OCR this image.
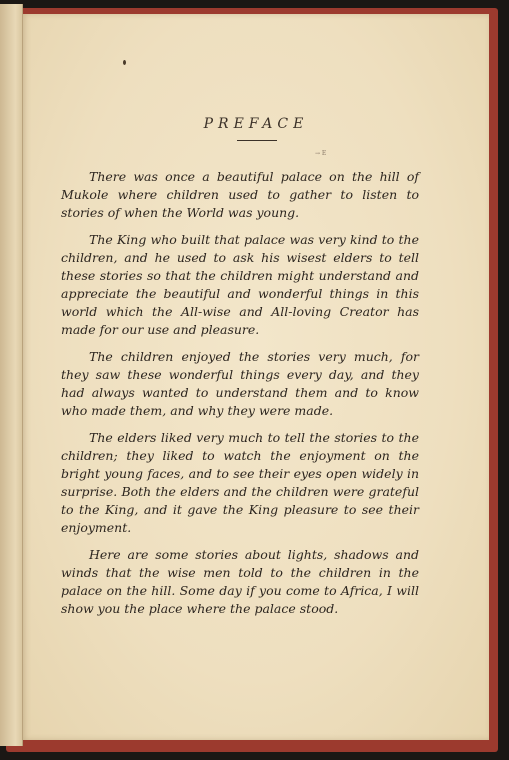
PREFACE
→ E

There was once a beautiful palace on the hill of Mukole where children used to gather to listen to stories of when the World was young.

The King who built that palace was very kind to the children, and he used to ask his wisest elders to tell these stories so that the children might understand and appreciate the beautiful and wonderful things in this world which the All-wise and All-loving Creator has made for our use and pleasure.

The children enjoyed the stories very much, for they saw these wonderful things every day, and they had always wanted to understand them and to know who made them, and why they were made.

The elders liked very much to tell the stories to the children; they liked to watch the enjoyment on the bright young faces, and to see their eyes open widely in surprise. Both the elders and the children were grateful to the King, and it gave the King pleasure to see their enjoyment.

Here are some stories about lights, shadows and winds that the wise men told to the children in the palace on the hill. Some day if you come to Africa, I will show you the place where the palace stood.
